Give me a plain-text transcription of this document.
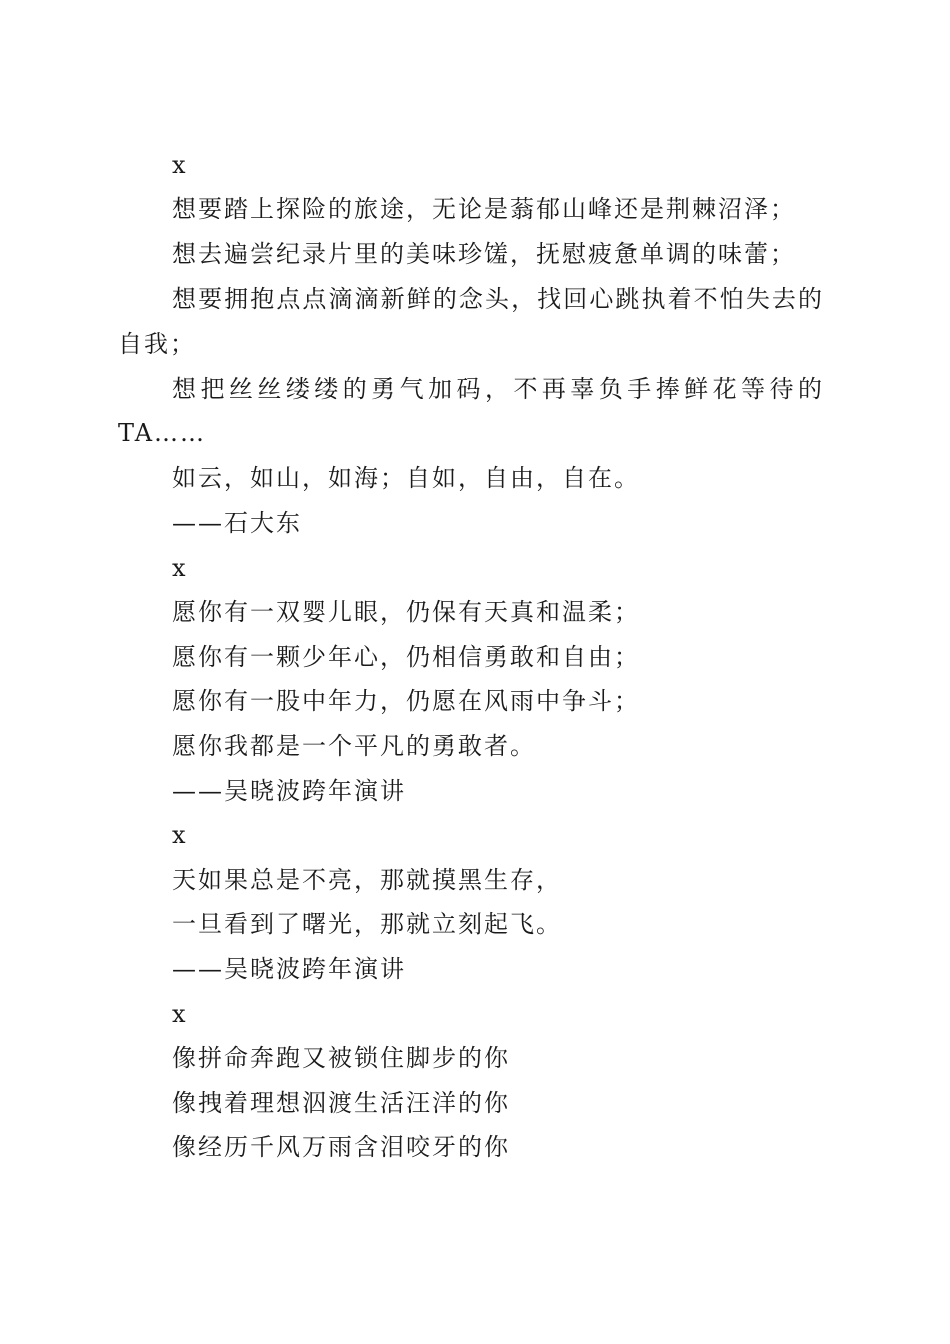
x
想要踏上探险的旅途，无论是蓊郁山峰还是荆棘沼泽；
想去遍尝纪录片里的美味珍馐，抚慰疲惫单调的味蕾；
想要拥抱点点滴滴新鲜的念头，找回心跳执着不怕失去的
自我；
想把丝丝缕缕的勇气加码，不再辜负手捧鲜花等待的
TA……
如云，如山，如海；自如，自由，自在。
——石大东
x
愿你有一双婴儿眼，仍保有天真和温柔；
愿你有一颗少年心，仍相信勇敢和自由；
愿你有一股中年力，仍愿在风雨中争斗；
愿你我都是一个平凡的勇敢者。
——吴晓波跨年演讲
x
天如果总是不亮，那就摸黑生存，
一旦看到了曙光，那就立刻起飞。
——吴晓波跨年演讲
x
像拼命奔跑又被锁住脚步的你
像拽着理想泅渡生活汪洋的你
像经历千风万雨含泪咬牙的你
